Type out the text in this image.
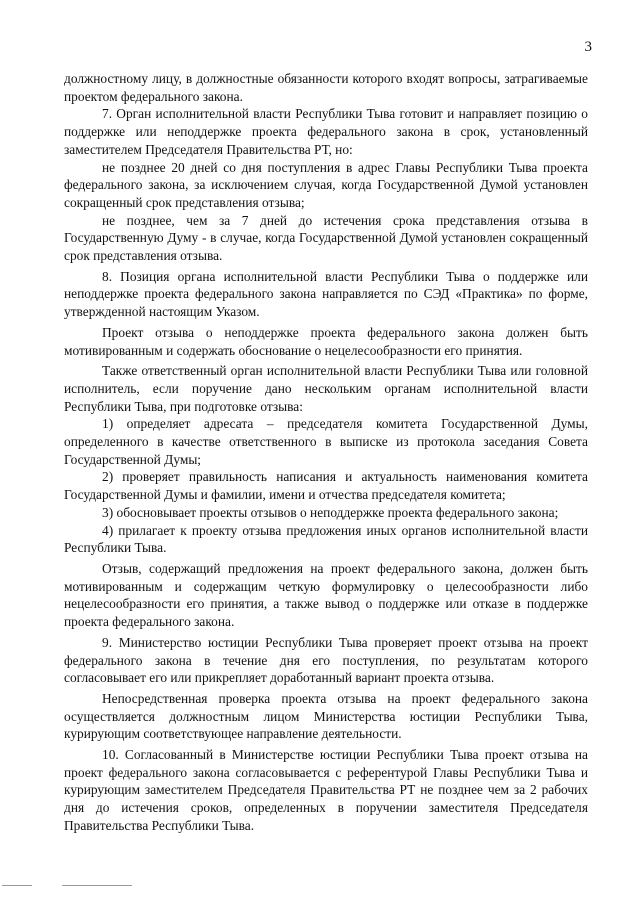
3

должностному лицу, в должностные обязанности которого входят вопросы, затрагиваемые проектом федерального закона.

7. Орган исполнительной власти Республики Тыва готовит и направляет позицию о поддержке или неподдержке проекта федерального закона в срок, установленный заместителем Председателя Правительства РТ, но:

не позднее 20 дней со дня поступления в адрес Главы Республики Тыва проекта федерального закона, за исключением случая, когда Государственной Думой установлен сокращенный срок представления отзыва;

не позднее, чем за 7 дней до истечения срока представления отзыва в Государственную Думу - в случае, когда Государственной Думой установлен сокращенный срок представления отзыва.

8. Позиция органа исполнительной власти Республики Тыва о поддержке или неподдержке проекта федерального закона направляется по СЭД «Практика» по форме, утвержденной настоящим Указом.

Проект отзыва о неподдержке проекта федерального закона должен быть мотивированным и содержать обоснование о нецелесообразности его принятия.

Также ответственный орган исполнительной власти Республики Тыва или головной исполнитель, если поручение дано нескольким органам исполнительной власти Республики Тыва, при подготовке отзыва:

1) определяет адресата – председателя комитета Государственной Думы, определенного в качестве ответственного в выписке из протокола заседания Совета Государственной Думы;

2) проверяет правильность написания и актуальность наименования комитета Государственной Думы и фамилии, имени и отчества председателя комитета;

3) обосновывает проекты отзывов о неподдержке проекта федерального закона;

4) прилагает к проекту отзыва предложения иных органов исполнительной власти Республики Тыва.

Отзыв, содержащий предложения на проект федерального закона, должен быть мотивированным и содержащим четкую формулировку о целесообразности либо нецелесообразности его принятия, а также вывод о поддержке или отказе в поддержке проекта федерального закона.

9. Министерство юстиции Республики Тыва проверяет проект отзыва на проект федерального закона в течение дня его поступления, по результатам которого согласовывает его или прикрепляет доработанный вариант проекта отзыва.

Непосредственная проверка проекта отзыва на проект федерального закона осуществляется должностным лицом Министерства юстиции Республики Тыва, курирующим соответствующее направление деятельности.

10. Согласованный в Министерстве юстиции Республики Тыва проект отзыва на проект федерального закона согласовывается с референтурой Главы Республики Тыва и курирующим заместителем Председателя Правительства РТ не позднее чем за 2 рабочих дня до истечения сроков, определенных в поручении заместителя Председателя Правительства Республики Тыва.
